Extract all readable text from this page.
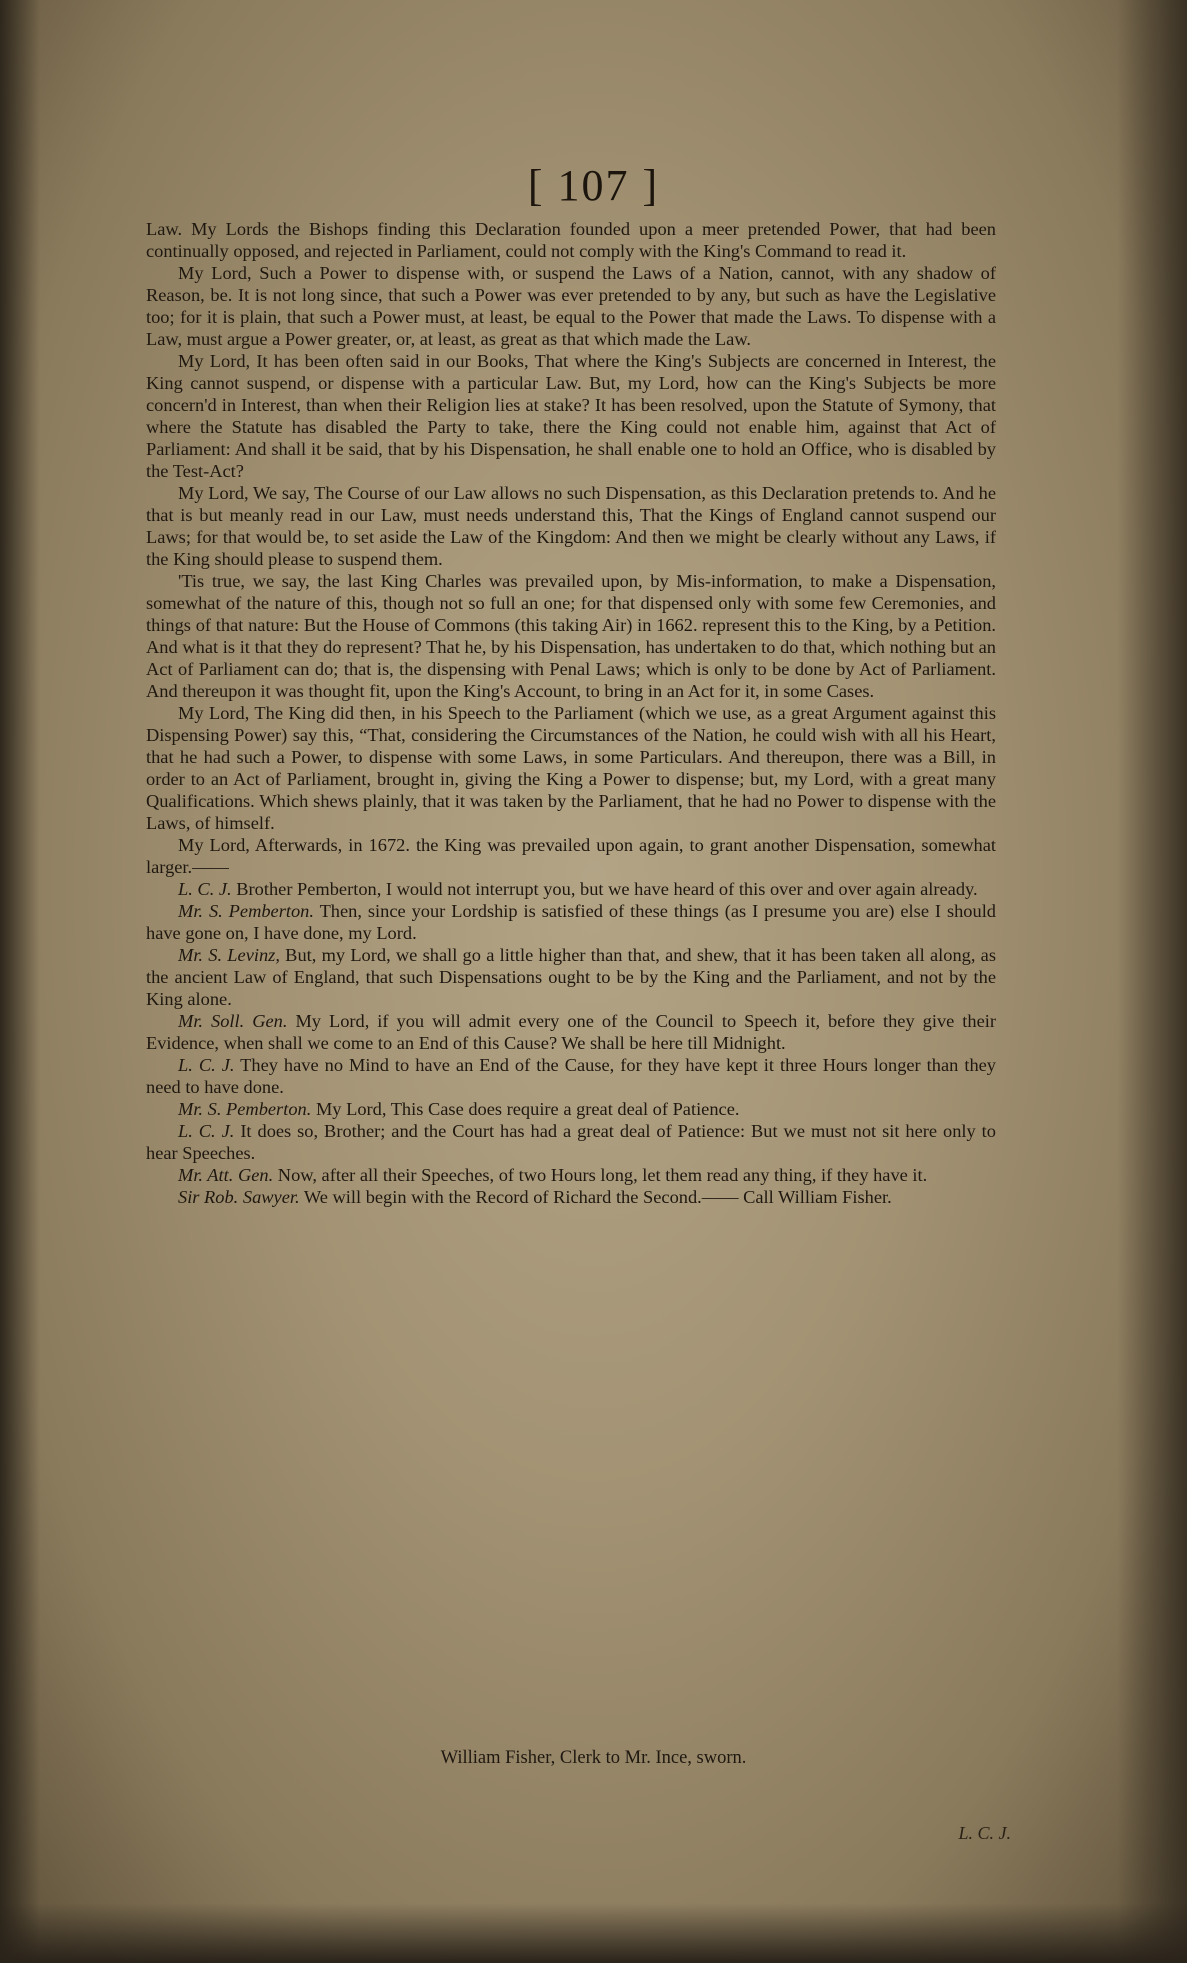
[ 107 ]

Law. My Lords the Bishops finding this Declaration founded upon a meer pretended Power, that had been continually opposed, and rejected in Parliament, could not comply with the King's Command to read it.

My Lord, Such a Power to dispense with, or suspend the Laws of a Nation, cannot, with any shadow of Reason, be. It is not long since, that such a Power was ever pretended to by any, but such as have the Legislative too; for it is plain, that such a Power must, at least, be equal to the Power that made the Laws. To dispense with a Law, must argue a Power greater, or, at least, as great as that which made the Law.

My Lord, It has been often said in our Books, That where the King's Subjects are concerned in Interest, the King cannot suspend, or dispense with a particular Law. But, my Lord, how can the King's Subjects be more concern'd in Interest, than when their Religion lies at stake? It has been resolved, upon the Statute of Symony, that where the Statute has disabled the Party to take, there the King could not enable him, against that Act of Parliament: And shall it be said, that by his Dispensation, he shall enable one to hold an Office, who is disabled by the Test-Act?

My Lord, We say, The Course of our Law allows no such Dispensation, as this Declaration pretends to. And he that is but meanly read in our Law, must needs understand this, That the Kings of England cannot suspend our Laws; for that would be, to set aside the Law of the Kingdom: And then we might be clearly without any Laws, if the King should please to suspend them.

'Tis true, we say, the last King Charles was prevailed upon, by Mis-information, to make a Dispensation, somewhat of the nature of this, though not so full an one; for that dispensed only with some few Ceremonies, and things of that nature: But the House of Commons (this taking Air) in 1662. represent this to the King, by a Petition. And what is it that they do represent? That he, by his Dispensation, has undertaken to do that, which nothing but an Act of Parliament can do; that is, the dispensing with Penal Laws; which is only to be done by Act of Parliament. And thereupon it was thought fit, upon the King's Account, to bring in an Act for it, in some Cases.

My Lord, The King did then, in his Speech to the Parliament (which we use, as a great Argument against this Dispensing Power) say this, “That, considering the Circumstances of the Nation, he could wish with all his Heart, that he had such a Power, to dispense with some Laws, in some Particulars. And thereupon, there was a Bill, in order to an Act of Parliament, brought in, giving the King a Power to dispense; but, my Lord, with a great many Qualifications. Which shews plainly, that it was taken by the Parliament, that he had no Power to dispense with the Laws, of himself.

My Lord, Afterwards, in 1672. the King was prevailed upon again, to grant another Dispensation, somewhat larger.——

L. C. J. Brother Pemberton, I would not interrupt you, but we have heard of this over and over again already.

Mr. S. Pemberton. Then, since your Lordship is satisfied of these things (as I presume you are) else I should have gone on, I have done, my Lord.

Mr. S. Levinz, But, my Lord, we shall go a little higher than that, and shew, that it has been taken all along, as the ancient Law of England, that such Dispensations ought to be by the King and the Parliament, and not by the King alone.

Mr. Soll. Gen. My Lord, if you will admit every one of the Council to Speech it, before they give their Evidence, when shall we come to an End of this Cause? We shall be here till Midnight.

L. C. J. They have no Mind to have an End of the Cause, for they have kept it three Hours longer than they need to have done.

Mr. S. Pemberton. My Lord, This Case does require a great deal of Patience.

L. C. J. It does so, Brother; and the Court has had a great deal of Patience: But we must not sit here only to hear Speeches.

Mr. Att. Gen. Now, after all their Speeches, of two Hours long, let them read any thing, if they have it.

Sir Rob. Sawyer. We will begin with the Record of Richard the Second.—— Call William Fisher.

William Fisher, Clerk to Mr. Ince, sworn.
L. C. J.
